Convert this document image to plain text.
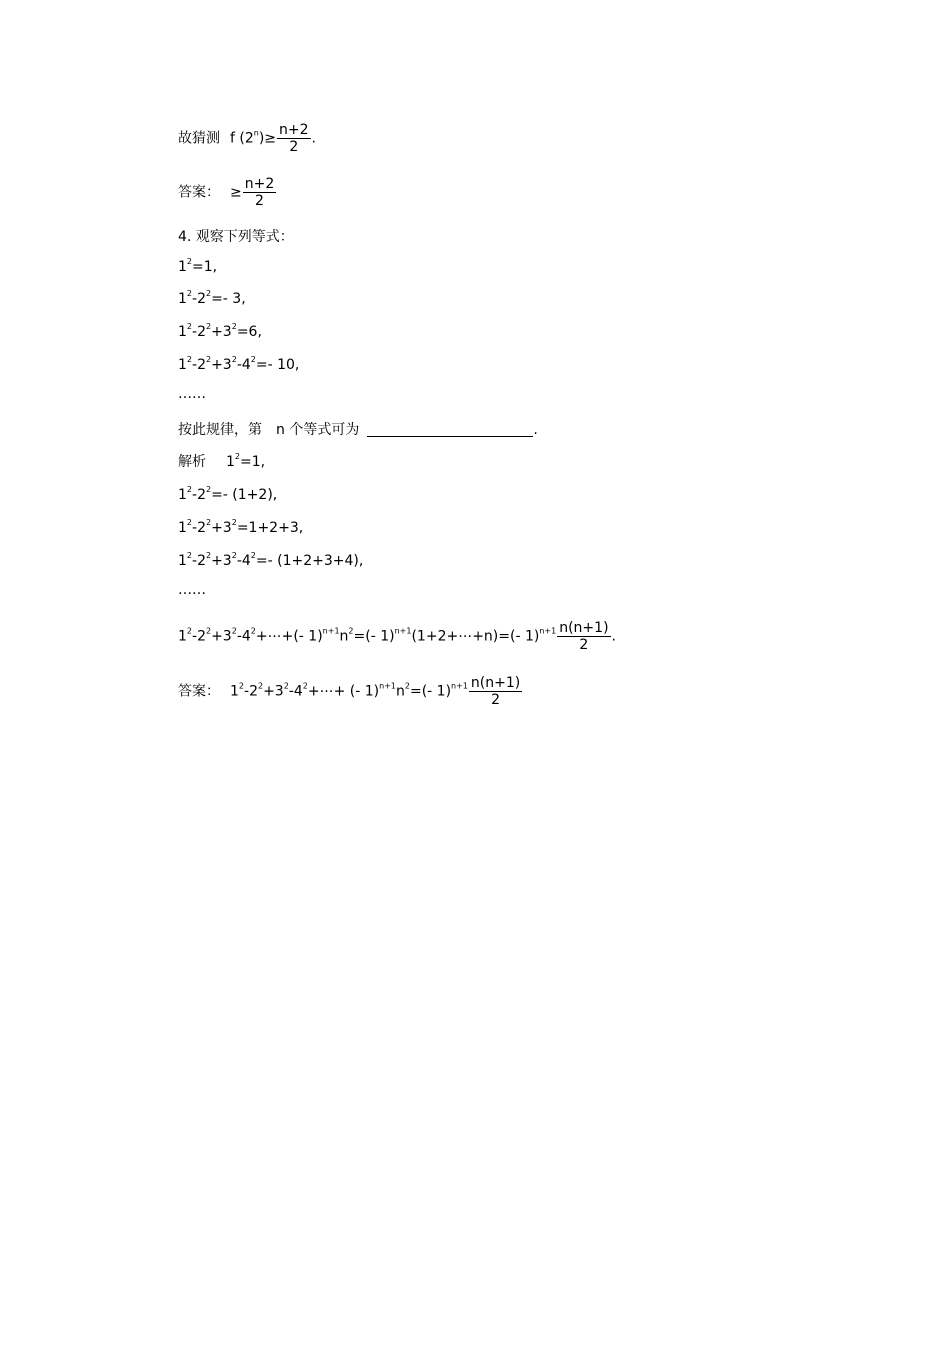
故猜测 f $(2^n)\ge \frac{n+2}{2}$ .
答案： ≥ $\frac{n+2}{2}$
4. 观察下列等式：
$1^2=1$,
$1^2-2^2=-$ 3,
$1^2-2^2+3^2=6$,
$1^2-2^2+3^2-4^2=-$ 10,
……
按此规律，第 n 个等式可为	.
解析 $1^2=1$,
$1^2-2^2=-$ (1+2),
$1^2-2^2+3^2=1+2+3$,
$1^2-2^2+3^2-4^2=-$ (1+2+3+4),
……
$1^2-2^2+3^2-4^2+\cdots+(-$ $1)^{n+1}n^2=(-$ 1)$^{n+1}$(1+2+⋯+n)=(- $1)^{n+1} \frac{n(n+1)}{2}$ .
答案： $1^2-2^2+3^2-4^2+\cdots+$ (- $1)^{n+1}n^2=(-$ $1)^{n+1} \frac{n(n+1)}{2}$
